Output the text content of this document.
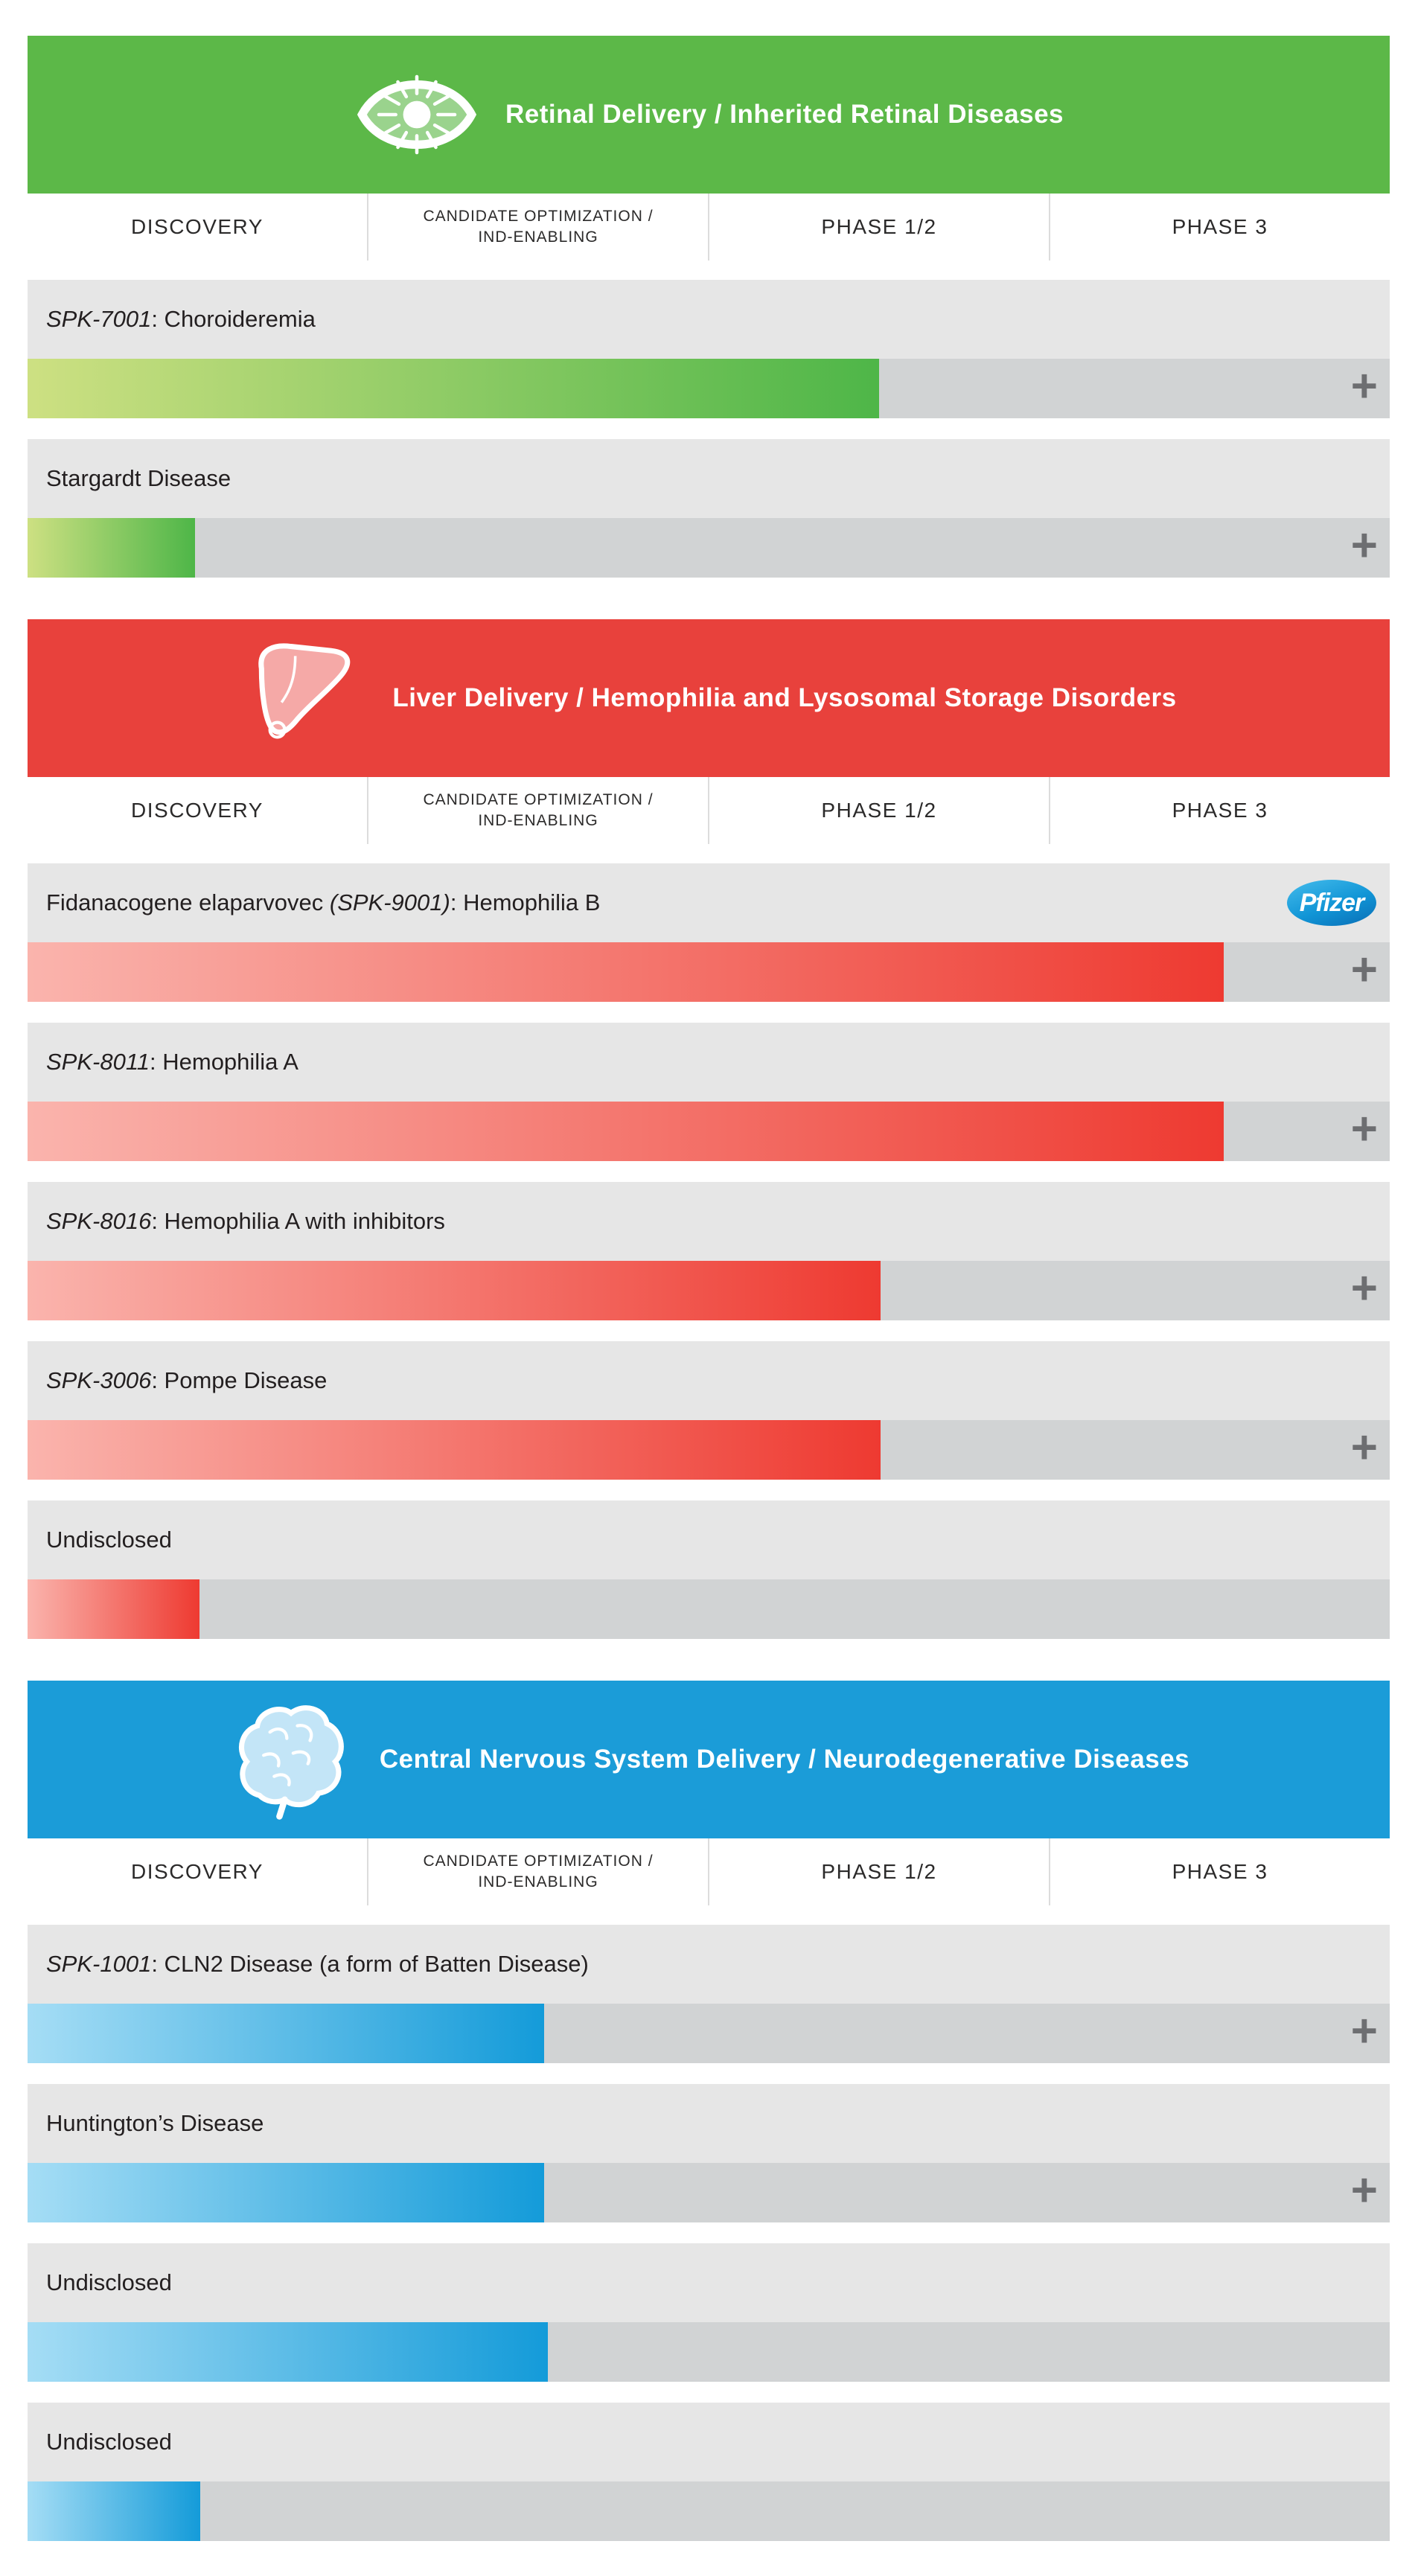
Retinal Delivery / Inherited Retinal Diseases
DISCOVERY	CANDIDATE OPTIMIZATION /
IND-ENABLING	PHASE 1/2	PHASE 3
SPK-7001: Choroideremia
+
Stargardt Disease
+
Liver Delivery / Hemophilia and Lysosomal Storage Disorders
DISCOVERY	CANDIDATE OPTIMIZATION /
IND-ENABLING	PHASE 1/2	PHASE 3
Fidanacogene elaparvovec (SPK-9001): Hemophilia B	Pfizer
+
SPK-8011: Hemophilia A
+
SPK-8016: Hemophilia A with inhibitors
+
SPK-3006: Pompe Disease
+
Undisclosed
Central Nervous System Delivery / Neurodegenerative Diseases
DISCOVERY	CANDIDATE OPTIMIZATION /
IND-ENABLING	PHASE 1/2	PHASE 3
SPK-1001: CLN2 Disease (a form of Batten Disease)
+
Huntington’s Disease
+
Undisclosed
Undisclosed
